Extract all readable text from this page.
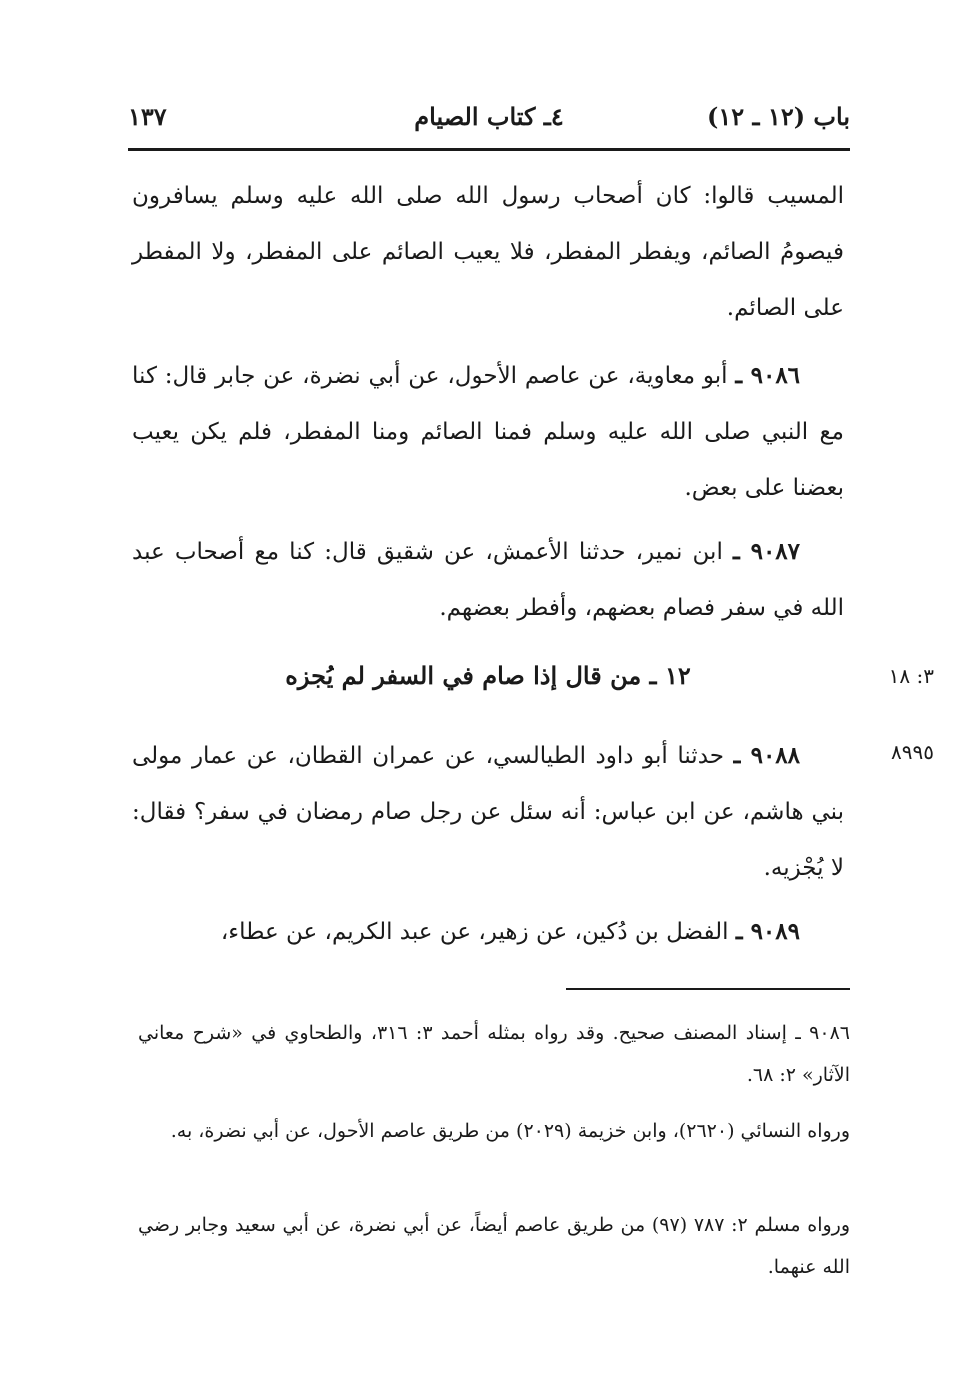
باب (١٢ ـ ١٢)
٤ـ كتاب الصيام
١٣٧
المسيب قالوا: كان أصحاب رسول الله صلى الله عليه وسلم يسافرون فيصومُ الصائم، ويفطر المفطر، فلا يعيب الصائم على المفطر، ولا المفطر على الصائم.
٩٠٨٦ ـ أبو معاوية، عن عاصم الأحول، عن أبي نضرة، عن جابر قال: كنا مع النبي صلى الله عليه وسلم فمنا الصائم ومنا المفطر، فلم يكن يعيب بعضنا على بعض.
٩٠٨٧ ـ ابن نمير، حدثنا الأعمش، عن شقيق قال: كنا مع أصحاب عبد الله في سفر فصام بعضهم، وأفطر بعضهم.
١٢ ـ من قال إذا صام في السفر لم يُجزه	٣: ١٨
٩٠٨٨ ـ حدثنا أبو داود الطيالسي، عن عمران القطان، عن عمار مولى بني هاشم، عن ابن عباس: أنه سئل عن رجل صام رمضان في سفر؟ فقال: لا يُجْزيه.
٨٩٩٥
٩٠٨٩ ـ الفضل بن دُكين، عن زهير، عن عبد الكريم، عن عطاء،
٩٠٨٦ ـ إسناد المصنف صحيح. وقد رواه بمثله أحمد ٣: ٣١٦، والطحاوي في «شرح معاني الآثار» ٢: ٦٨.
ورواه النسائي (٢٦٢٠)، وابن خزيمة (٢٠٢٩) من طريق عاصم الأحول، عن أبي نضرة، به.
ورواه مسلم ٢: ٧٨٧ (٩٧) من طريق عاصم أيضاً، عن أبي نضرة، عن أبي سعيد وجابر رضي الله عنهما.
